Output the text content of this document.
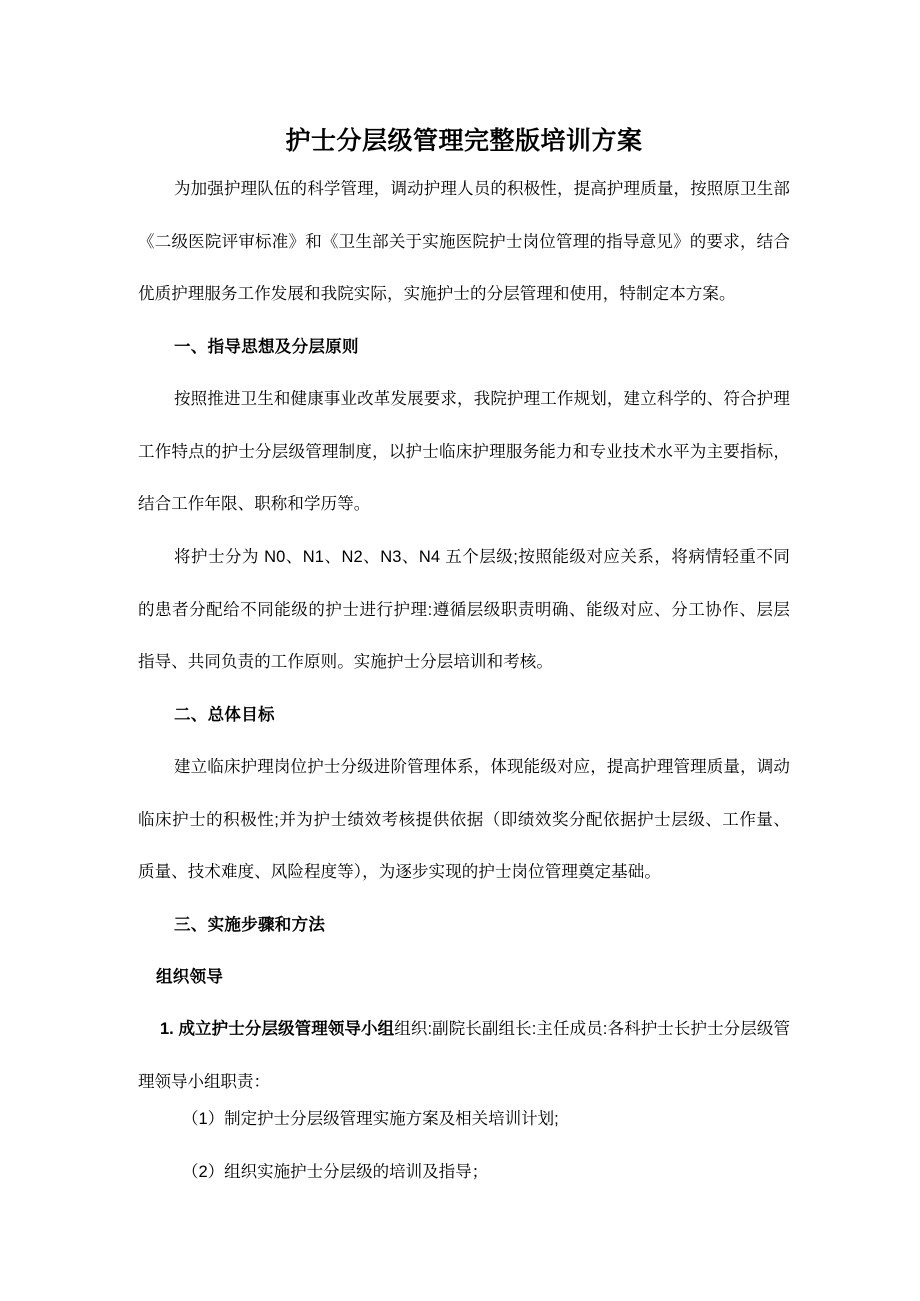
护士分层级管理完整版培训方案

为加强护理队伍的科学管理，调动护理人员的积极性，提高护理质量，按照原卫生部《二级医院评审标准》和《卫生部关于实施医院护士岗位管理的指导意见》的要求，结合优质护理服务工作发展和我院实际，实施护士的分层管理和使用，特制定本方案。

一、指导思想及分层原则

按照推进卫生和健康事业改革发展要求，我院护理工作规划，建立科学的、符合护理工作特点的护士分层级管理制度，以护士临床护理服务能力和专业技术水平为主要指标，结合工作年限、职称和学历等。

将护士分为 N0、N1、N2、N3、N4 五个层级;按照能级对应关系，将病情轻重不同的患者分配给不同能级的护士进行护理:遵循层级职责明确、能级对应、分工协作、层层指导、共同负责的工作原则。实施护士分层培训和考核。

二、总体目标

建立临床护理岗位护士分级进阶管理体系，体现能级对应，提高护理管理质量，调动临床护士的积极性;并为护士绩效考核提供依据（即绩效奖分配依据护士层级、工作量、质量、技术难度、风险程度等），为逐步实现的护士岗位管理奠定基础。

三、实施步骤和方法
组织领导

1. 成立护士分层级管理领导小组组织:副院长副组长:主任成员:各科护士长护士分层级管理领导小组职责：

（1）制定护士分层级管理实施方案及相关培训计划;

（2）组织实施护士分层级的培训及指导；
